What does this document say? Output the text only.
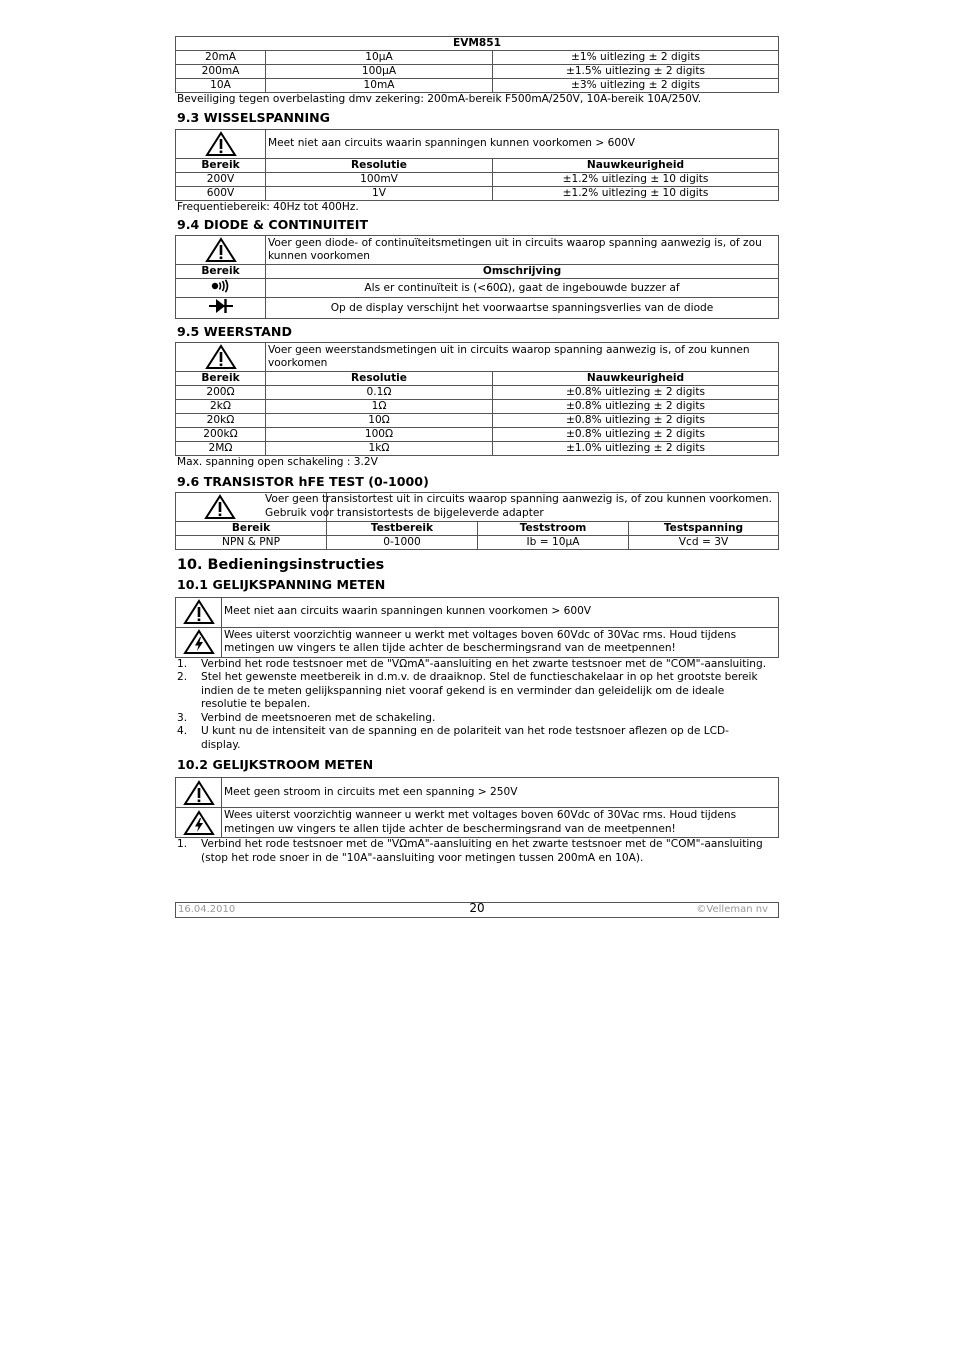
EVM851		
20mA	10µA	±1% uitlezing ± 2 digits
200mA	100µA	±1.5% uitlezing ± 2 digits
10A	10mA	±3% uitlezing ± 2 digits
Beveiliging tegen overbelasting dmv zekering: 200mA-bereik F500mA/250V, 10A-bereik 10A/250V.
9.3 WISSELSPANNING
	Meet niet aan circuits waarin spanningen kunnen voorkomen > 600V	
Bereik	Resolutie	Nauwkeurigheid
200V	100mV	±1.2% uitlezing ± 10 digits
600V	1V	±1.2% uitlezing ± 10 digits
Frequentiebereik: 40Hz tot 400Hz.
9.4 DIODE & CONTINUITEIT
	Voer geen diode- of continuïteitsmetingen uit in circuits waarop spanning aanwezig is, of zou kunnen voorkomen
Bereik	Omschrijving
	Als er continuïteit is (<60Ω), gaat de ingebouwde buzzer af
	Op de display verschijnt het voorwaartse spanningsverlies van de diode
9.5 WEERSTAND
	Voer geen weerstandsmetingen uit in circuits waarop spanning aanwezig is, of zou kunnen voorkomen	
Bereik	Resolutie	Nauwkeurigheid
200Ω	0.1Ω	±0.8% uitlezing ± 2 digits
2kΩ	1Ω	±0.8% uitlezing ± 2 digits
20kΩ	10Ω	±0.8% uitlezing ± 2 digits
200kΩ	100Ω	±0.8% uitlezing ± 2 digits
2MΩ	1kΩ	±1.0% uitlezing ± 2 digits
Max. spanning open schakeling : 3.2V
9.6 TRANSISTOR hFE TEST (0-1000)

Voer geen transistortest uit in circuits waarop spanning aanwezig is, of zou kunnen voorkomen. Gebruik voor transistortests de bijgeleverde adapter		

Bereik	Testbereik	Teststroom	Testspanning
NPN & PNP	0-1000	Ib = 10µA	Vcd = 3V
10. Bedieningsinstructies
10.1 GELIJKSPANNING METEN
	Meet niet aan circuits waarin spanningen kunnen voorkomen > 600V

	Wees uiterst voorzichtig wanneer u werkt met voltages boven 60Vdc of 30Vac rms. Houd tijdens metingen uw vingers te allen tijde achter de beschermingsrand van de meetpennen!
1.	Verbind het rode testsnoer met de "VΩmA"-aansluiting en het zwarte testsnoer met de "COM"-aansluiting.
2.	Stel het gewenste meetbereik in d.m.v. de draaiknop. Stel de functieschakelaar in op het grootste bereik indien de te meten gelijkspanning niet vooraf gekend is en verminder dan geleidelijk om de ideale resolutie te bepalen.
3.	Verbind de meetsnoeren met de schakeling.
4.	U kunt nu de intensiteit van de spanning en de polariteit van het rode testsnoer aflezen op de LCD-display.
10.2 GELIJKSTROOM METEN
	Meet geen stroom in circuits met een spanning > 250V

	Wees uiterst voorzichtig wanneer u werkt met voltages boven 60Vdc of 30Vac rms. Houd tijdens metingen uw vingers te allen tijde achter de beschermingsrand van de meetpennen!
1.	Verbind het rode testsnoer met de "VΩmA"-aansluiting en het zwarte testsnoer met de "COM"-aansluiting (stop het rode snoer in de "10A"-aansluiting voor metingen tussen 200mA en 10A).
16.04.2010	20	©Velleman nv
